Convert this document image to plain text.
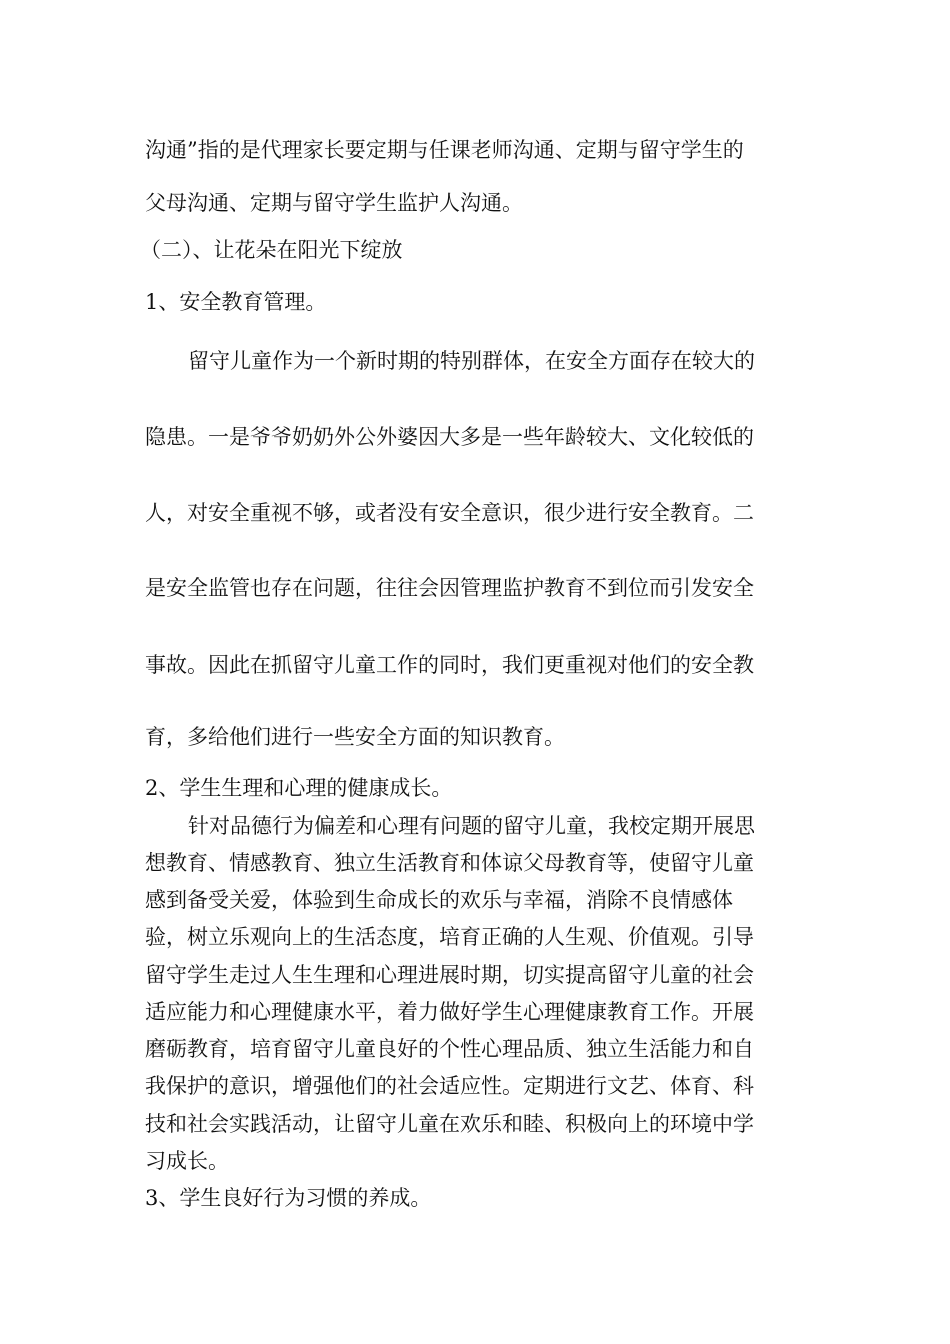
沟通”指的是代理家长要定期与任课老师沟通、定期与留守学生的

父母沟通、定期与留守学生监护人沟通。

（二）、让花朵在阳光下绽放

1、安全教育管理。

留守儿童作为一个新时期的特别群体，在安全方面存在较大的

隐患。一是爷爷奶奶外公外婆因大多是一些年龄较大、文化较低的

人，对安全重视不够，或者没有安全意识，很少进行安全教育。二

是安全监管也存在问题，往往会因管理监护教育不到位而引发安全

事故。因此在抓留守儿童工作的同时，我们更重视对他们的安全教

育，多给他们进行一些安全方面的知识教育。

2、学生生理和心理的健康成长。

针对品德行为偏差和心理有问题的留守儿童，我校定期开展思

想教育、情感教育、独立生活教育和体谅父母教育等，使留守儿童

感到备受关爱，体验到生命成长的欢乐与幸福，消除不良情感体

验，树立乐观向上的生活态度，培育正确的人生观、价值观。引导

留守学生走过人生生理和心理进展时期，切实提高留守儿童的社会

适应能力和心理健康水平，着力做好学生心理健康教育工作。开展

磨砺教育，培育留守儿童良好的个性心理品质、独立生活能力和自

我保护的意识，增强他们的社会适应性。定期进行文艺、体育、科

技和社会实践活动，让留守儿童在欢乐和睦、积极向上的环境中学

习成长。

3、学生良好行为习惯的养成。
